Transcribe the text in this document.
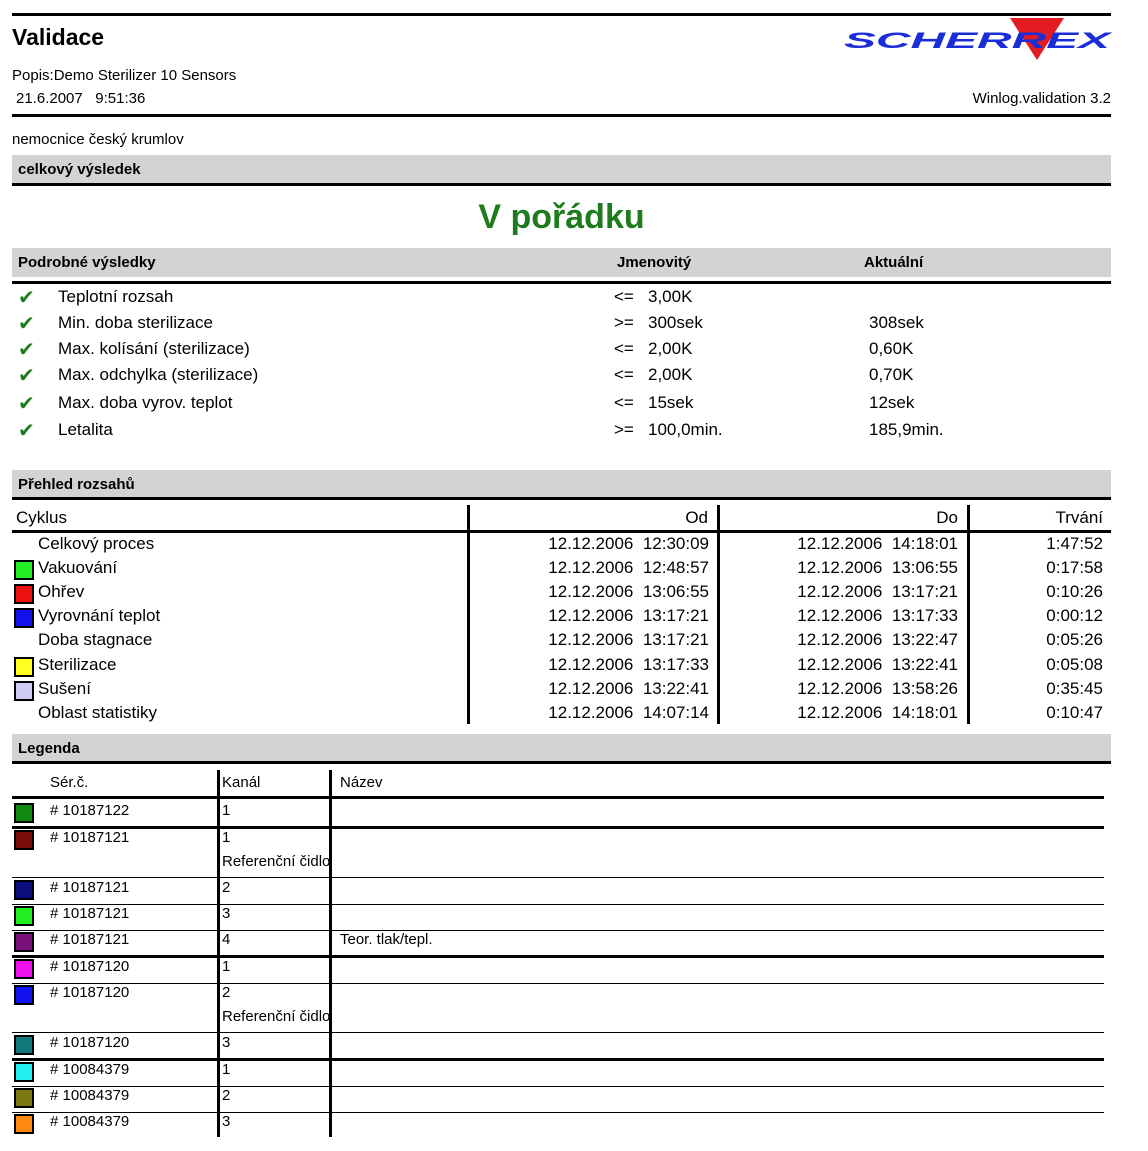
Validace	SCHERREX
Popis:Demo Sterilizer 10 Sensors
21.6.2007 9:51:36	Winlog.validation 3.2
nemocnice český krumlov
celkový výsledek
V pořádku
Podrobné výsledky	Jmenovitý	Aktuální
✔ Teplotní rozsah	<= 3,00K
✔ Min. doba sterilizace	>= 300sek	308sek
✔ Max. kolísání (sterilizace)	<= 2,00K	0,60K
✔ Max. odchylka (sterilizace)	<= 2,00K	0,70K
✔ Max. doba vyrov. teplot	<= 15sek	12sek
✔ Letalita	>= 100,0min.	185,9min.
Přehled rozsahů
Cyklus	Od	Do	Trvání
Celkový proces	12.12.2006  12:30:09	12.12.2006  14:18:01	1:47:52
Vakuování	12.12.2006  12:48:57	12.12.2006  13:06:55	0:17:58
Ohřev	12.12.2006  13:06:55	12.12.2006  13:17:21	0:10:26
Vyrovnání teplot	12.12.2006  13:17:21	12.12.2006  13:17:33	0:00:12
Doba stagnace	12.12.2006  13:17:21	12.12.2006  13:22:47	0:05:26
Sterilizace	12.12.2006  13:17:33	12.12.2006  13:22:41	0:05:08
Sušení	12.12.2006  13:22:41	12.12.2006  13:58:26	0:35:45
Oblast statistiky	12.12.2006  14:07:14	12.12.2006  14:18:01	0:10:47
Legenda
Sér.č.	Kanál	Název
# 10187122	1
# 10187121	1
Referenční čidlo
# 10187121	2
# 10187121	3
# 10187121	4	Teor. tlak/tepl.
# 10187120	1
# 10187120	2
Referenční čidlo
# 10187120	3
# 10084379	1
# 10084379	2
# 10084379	3
